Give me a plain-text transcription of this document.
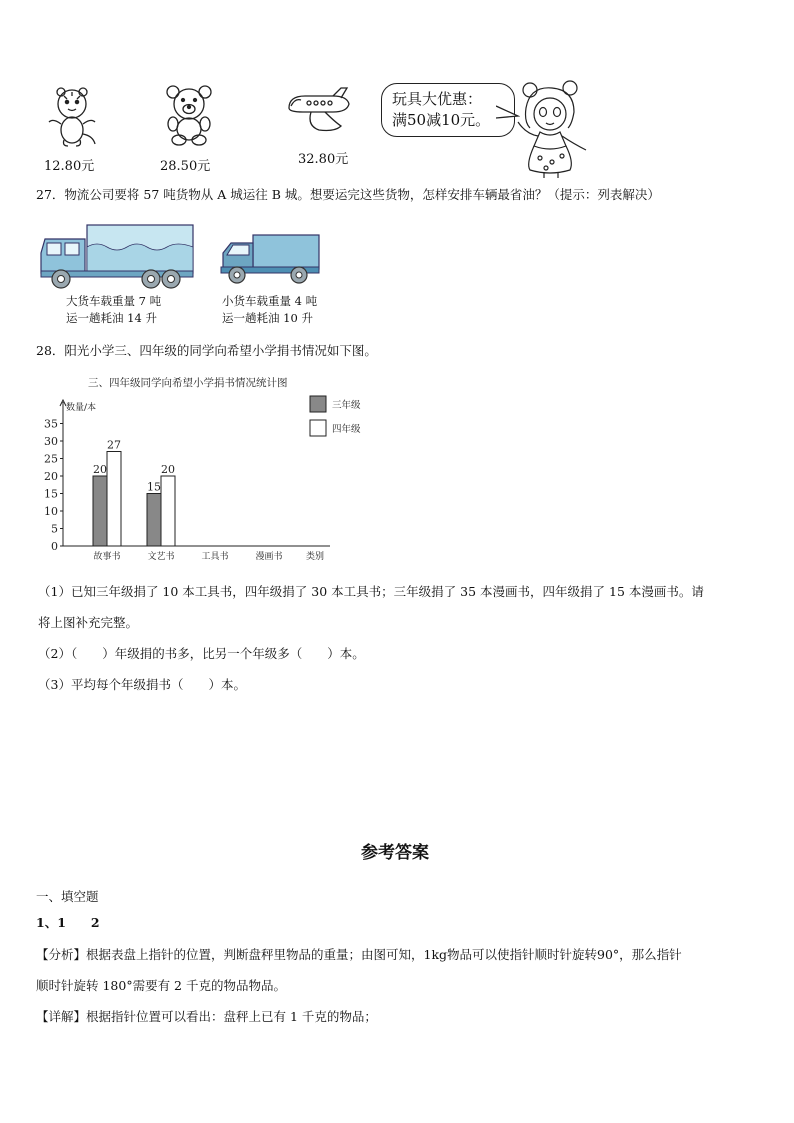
12.80元	28.50元	32.80元
玩具大优惠：
满50减10元。
27．物流公司要将 57 吨货物从 A 城运往 B 城。想要运完这些货物，怎样安排车辆最省油？（提示：列表解决）
大货车载重量 7 吨
运一趟耗油 14 升
小货车载重量 4 吨
运一趟耗油 10 升
28．阳光小学三、四年级的同学向希望小学捐书情况如下图。
三、四年级同学向希望小学捐书情况统计图
数量/本
类别
0
5
10
15
20
25
30
35
故事书
20
27
文艺书
15
20
工具书	漫画书
三年级
四年级
（1）已知三年级捐了 10 本工具书，四年级捐了 30 本工具书；三年级捐了 35 本漫画书，四年级捐了 15 本漫画书。请
将上图补充完整。
（2）（　　）年级捐的书多，比另一个年级多（　　）本。
（3）平均每个年级捐书（　　）本。
参考答案
一、填空题
1、1　　2
【分析】根据表盘上指针的位置，判断盘秤里物品的重量；由图可知，1kg物品可以使指针顺时针旋转90°，那么指针
顺时针旋转 180°需要有 2 千克的物品物品。
【详解】根据指针位置可以看出：盘秤上已有 1 千克的物品；
